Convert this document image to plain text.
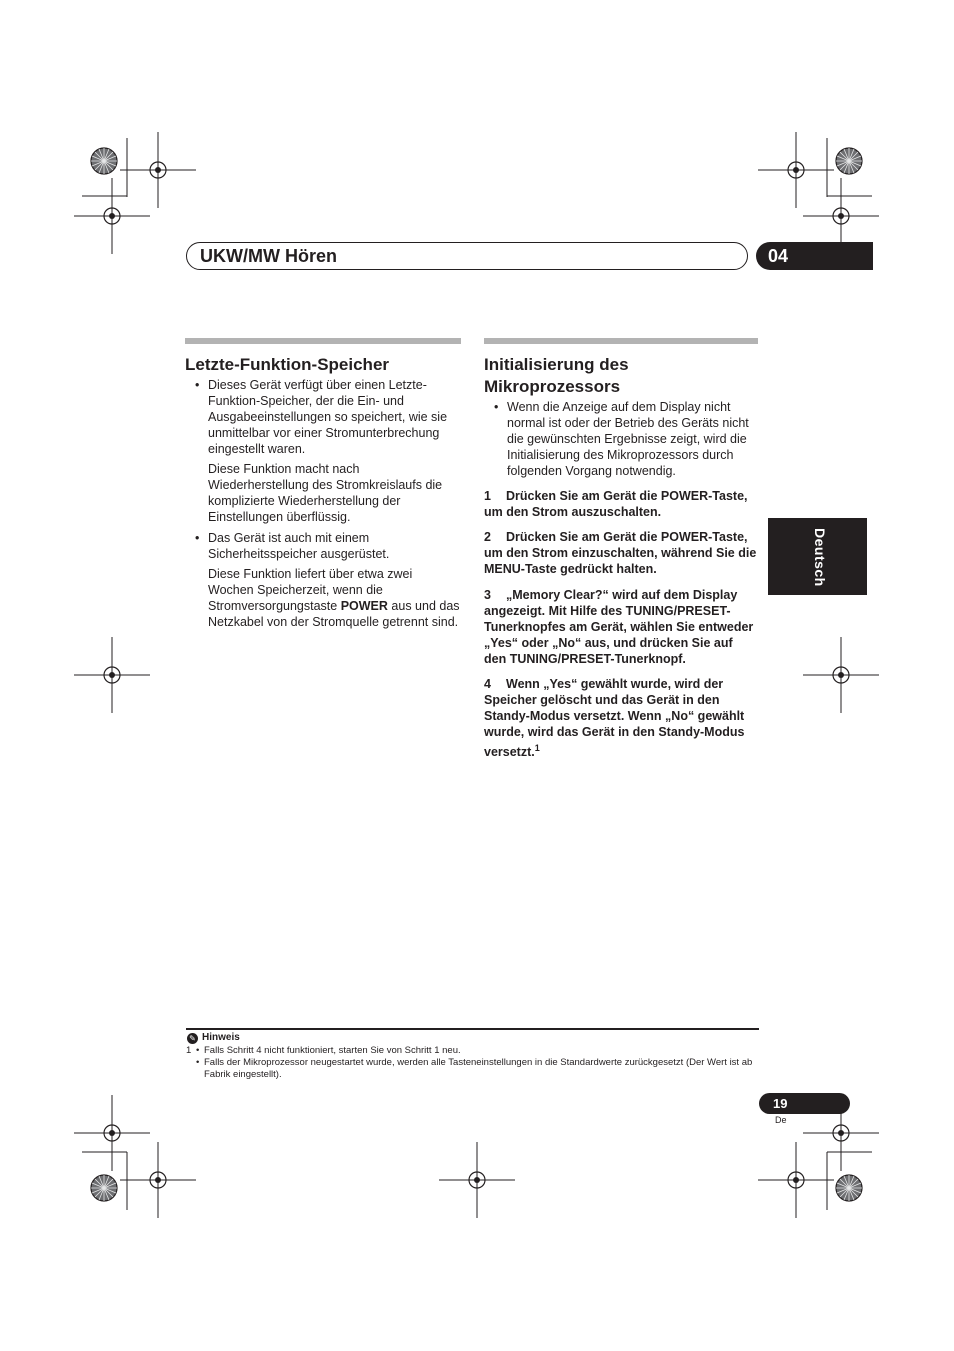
UKW/MW Hören	04
Deutsch
Letzte-Funktion-Speicher
• Dieses Gerät verfügt über einen Letzte-Funktion-Speicher, der die Ein- und Ausgabeeinstellungen so speichert, wie sie unmittelbar vor einer Stromunterbrechung eingestellt waren.
Diese Funktion macht nach Wiederherstellung des Stromkreislaufs die komplizierte Wiederherstellung der Einstellungen überflüssig.
• Das Gerät ist auch mit einem Sicherheitsspeicher ausgerüstet.
Diese Funktion liefert über etwa zwei Wochen Speicherzeit, wenn die Stromversorgungstaste POWER aus und das Netzkabel von der Stromquelle getrennt sind.
Initialisierung des Mikroprozessors
• Wenn die Anzeige auf dem Display nicht normal ist oder der Betrieb des Geräts nicht die gewünschten Ergebnisse zeigt, wird die Initialisierung des Mikroprozessors durch folgenden Vorgang notwendig.

1 Drücken Sie am Gerät die POWER-Taste, um den Strom auszuschalten.

2 Drücken Sie am Gerät die POWER-Taste, um den Strom einzuschalten, während Sie die MENU-Taste gedrückt halten.

3 „Memory Clear?“ wird auf dem Display angezeigt. Mit Hilfe des TUNING/PRESET-Tunerknopfes am Gerät, wählen Sie entweder „Yes“ oder „No“ aus, und drücken Sie auf den TUNING/PRESET-Tunerknopf.

4 Wenn „Yes“ gewählt wurde, wird der Speicher gelöscht und das Gerät in den Standy-Modus versetzt. Wenn „No“ gewählt wurde, wird das Gerät in den Standy-Modus versetzt.$^1$

✎ Hinweis
1 • Falls Schritt 4 nicht funktioniert, starten Sie von Schritt 1 neu.
• Falls der Mikroprozessor neugestartet wurde, werden alle Tasteneinstellungen in die Standardwerte zurückgesetzt (Der Wert ist ab Fabrik eingestellt).
19
De
